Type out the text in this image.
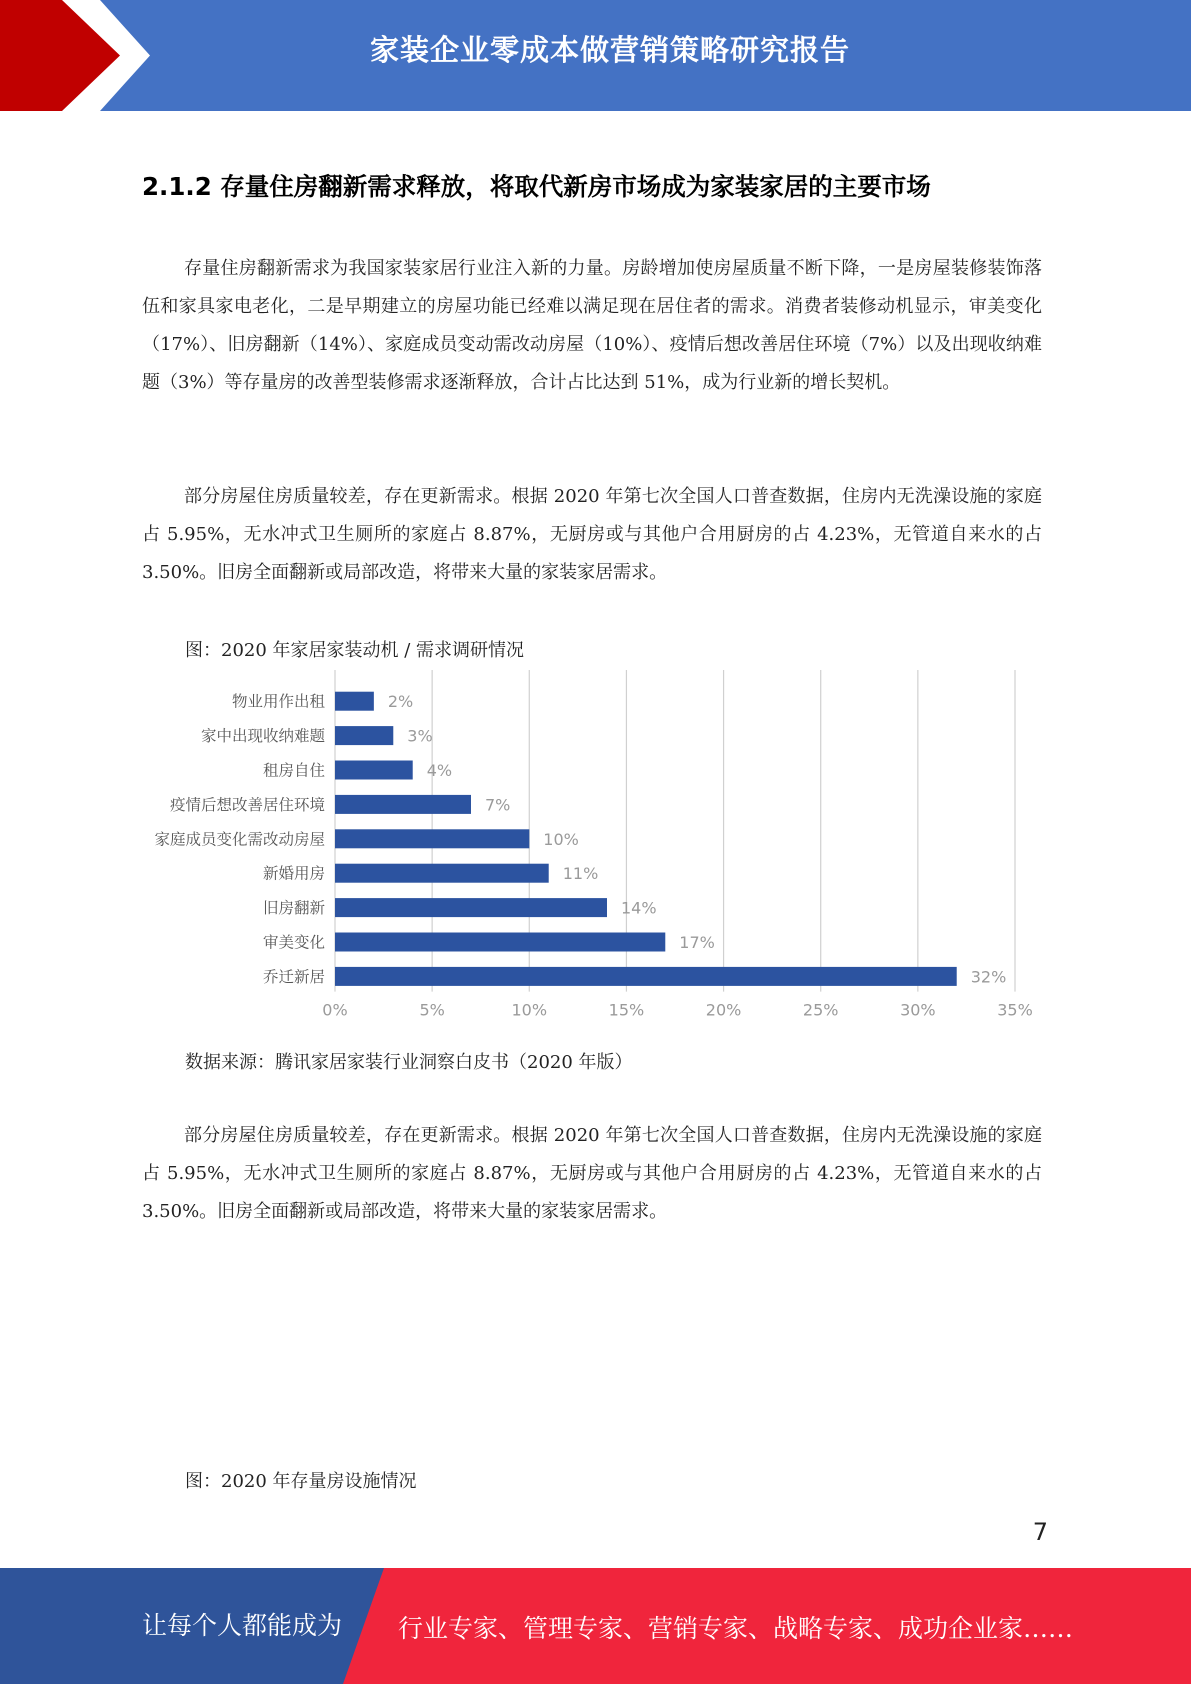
家装企业零成本做营销策略研究报告
2.1.2 存量住房翻新需求释放，将取代新房市场成为家装家居的主要市场

存量住房翻新需求为我国家装家居行业注入新的力量。房龄增加使房屋质量不断下降，一是房屋装修装饰落伍和家具家电老化，二是早期建立的房屋功能已经难以满足现在居住者的需求。消费者装修动机显示，审美变化（17%）、旧房翻新（14%）、家庭成员变动需改动房屋（10%）、疫情后想改善居住环境（7%）以及出现收纳难题（3%）等存量房的改善型装修需求逐渐释放，合计占比达到 51%，成为行业新的增长契机。

部分房屋住房质量较差，存在更新需求。根据 2020 年第七次全国人口普查数据，住房内无洗澡设施的家庭占 5.95%，无水冲式卫生厕所的家庭占 8.87%，无厨房或与其他户合用厨房的占 4.23%，无管道自来水的占 3.50%。旧房全面翻新或局部改造，将带来大量的家装家居需求。

图：2020 年家居家装动机 / 需求调研情况

0%	5%	10%	15%	20%	25%	30%	35%
物业用作出租	2%
家中出现收纳难题	3%
租房自住	4%
疫情后想改善居住环境	7%
家庭成员变化需改动房屋	10%
新婚用房	11%
旧房翻新	14%
审美变化	17%
乔迁新居	32%

数据来源：腾讯家居家装行业洞察白皮书（2020 年版）

部分房屋住房质量较差，存在更新需求。根据 2020 年第七次全国人口普查数据，住房内无洗澡设施的家庭占 5.95%，无水冲式卫生厕所的家庭占 8.87%，无厨房或与其他户合用厨房的占 4.23%，无管道自来水的占 3.50%。旧房全面翻新或局部改造，将带来大量的家装家居需求。

图：2020 年存量房设施情况

7
让每个人都能成为 行业专家、管理专家、营销专家、战略专家、成功企业家……
